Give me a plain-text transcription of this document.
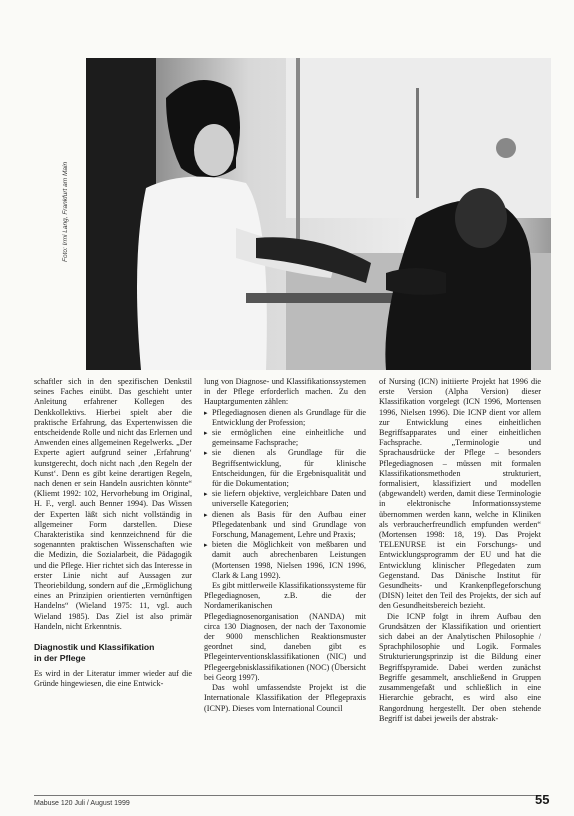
Foto: Irmi Lang, Frankfurt am Main

schaftler sich in den spezifischen Denkstil seines Faches einübt. Das geschieht unter Anleitung erfahrener Kollegen des Denkkollektivs. Hierbei spielt aber die praktische Erfahrung, das Expertenwissen die entscheidende Rolle und nicht das Erlernen und Anwenden eines allgemeinen Regelwerks. „Der Experte agiert aufgrund seiner ‚Erfahrung‘ kunstgerecht, doch nicht nach ‚den Regeln der Kunst‘. Denn es gibt keine derartigen Regeln, nach denen er sein Handeln ausrichten könnte“ (Kliemt 1992: 102, Hervorhebung im Original, H. F., vergl. auch Benner 1994). Das Wissen der Experten läßt sich nicht vollständig in allgemeiner Form darstellen. Diese Charakteristika sind kennzeichnend für die sogenannten praktischen Wissenschaften wie die Medizin, die Sozialarbeit, die Pädagogik und die Pflege. Hier richtet sich das Interesse in erster Linie nicht auf Aussagen zur Theoriebildung, sondern auf die „Ermöglichung eines an Prinzipien orientierten vernünftigen Handelns“ (Wieland 1975: 11, vgl. auch Wieland 1985). Das Ziel ist also primär Handeln, nicht Erkenntnis.

Diagnostik und Klassifikation
in der Pflege

Es wird in der Literatur immer wieder auf die Gründe hingewiesen, die eine Entwick-

lung von Diagnose- und Klassifikationssystemen in der Pflege erforderlich machen. Zu den Hauptargumenten zählen:

▸ Pflegediagnosen dienen als Grundlage für die Entwicklung der Profession;
▸ sie ermöglichen eine einheitliche und gemeinsame Fachsprache;
▸ sie dienen als Grundlage für die Begriffsentwicklung, für klinische Entscheidungen, für die Ergebnisqualität und für die Dokumentation;
▸ sie liefern objektive, vergleichbare Daten und universelle Kategorien;
▸ dienen als Basis für den Aufbau einer Pflegedatenbank und sind Grundlage von Forschung, Management, Lehre und Praxis;
▸ bieten die Möglichkeit von meßbaren und damit auch abrechenbaren Leistungen (Mortensen 1998, Nielsen 1996, ICN 1996, Clark & Lang 1992).

Es gibt mittlerweile Klassifikationssysteme für Pflegediagnosen, z.B. die der Nordamerikanischen Pflegediagnosenorganisation (NANDA) mit circa 130 Diagnosen, der nach der Taxonomie der 9000 menschlichen Reaktionsmuster geordnet sind, daneben gibt es Pflegeinterventionsklassifikationen (NIC) und Pflegeergebnisklassifikationen (NOC) (Übersicht bei Georg 1997).

Das wohl umfassendste Projekt ist die Internationale Klassifikation der Pflegepraxis (ICNP). Dieses vom International Council

of Nursing (ICN) initiierte Projekt hat 1996 die erste Version (Alpha Version) dieser Klassifikation vorgelegt (ICN 1996, Mortensen 1996, Nielsen 1996). Die ICNP dient vor allem zur Entwicklung eines einheitlichen Begriffsapparates und einer einheitlichen Fachsprache. „Terminologie und Sprachausdrücke der Pflege – besonders Pflegediagnosen – müssen mit formalen Klassifikationsmethoden strukturiert, formalisiert, klassifiziert und modellen (abgewandelt) werden, damit diese Terminologie in elektronische Informationssysteme übernommen werden kann, welche in Kliniken als verbraucherfreundlich empfunden werden“ (Mortensen 1998: 18, 19). Das Projekt TELENURSE ist ein Forschungs- und Entwicklungsprogramm der EU und hat die Entwicklung klinischer Pflegedaten zum Gegenstand. Das Dänische Institut für Gesundheits- und Krankenpflegeforschung (DISN) leitet den Teil des Projekts, der sich auf den Gesundheitsbereich bezieht.

Die ICNP folgt in ihrem Aufbau den Grundsätzen der Klassifikation und orientiert sich dabei an der Analytischen Philosophie / Sprachphilosophie und Logik. Formales Strukturierungsprinzip ist die Bildung einer Begriffspyramide. Dabei werden zunächst Begriffe gesammelt, anschließend in Gruppen zusammengefaßt und schließlich in eine Hierarchie gebracht, es wird also eine Rangordnung hergestellt. Der oben stehende Begriff ist dabei jeweils der abstrak-

Mabuse 120 Juli / August 1999	55
